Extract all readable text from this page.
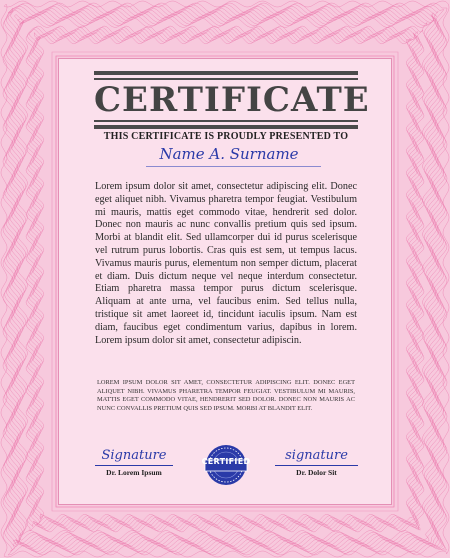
CERTIFICATE
THIS CERTIFICATE IS PROUDLY PRESENTED TO
Name A. Surname

Lorem ipsum dolor sit amet, consectetur adipiscing elit. Donec eget aliquet nibh. Vivamus pharetra tempor feugiat. Vestibulum mi mauris, mattis eget commodo vitae, hendrerit sed dolor. Donec non mauris ac nunc convallis pretium quis sed ipsum. Morbi at blandit elit. Sed ullamcorper dui id purus scelerisque vel rutrum purus lobortis. Cras quis est sem, ut tempus lacus. Vivamus mauris purus, elementum non semper dictum, placerat et diam. Duis dictum neque vel neque interdum consectetur. Etiam pharetra massa tempor purus dictum scelerisque. Aliquam at ante urna, vel faucibus enim. Sed tellus nulla, tristique sit amet laoreet id, tincidunt iaculis ipsum. Nam est diam, faucibus eget condimentum varius, dapibus in lorem. Lorem ipsum dolor sit amet, consectetur adipiscin.

LOREM IPSUM DOLOR SIT AMET, CONSECTETUR ADIPISCING ELIT. DONEC EGET ALIQUET NIBH. VIVAMUS PHARETRA TEMPOR FEUGIAT. VESTIBULUM MI MAURIS, MATTIS EGET COMMODO VITAE, HENDRERIT SED DOLOR. DONEC NON MAURIS AC NUNC CONVALLIS PRETIUM QUIS SED IPSUM. MORBI AT BLANDIT ELIT.

Signature
Dr. Lorem Ipsum
CERTIFIED	signature
Dr. Dolor Sit
